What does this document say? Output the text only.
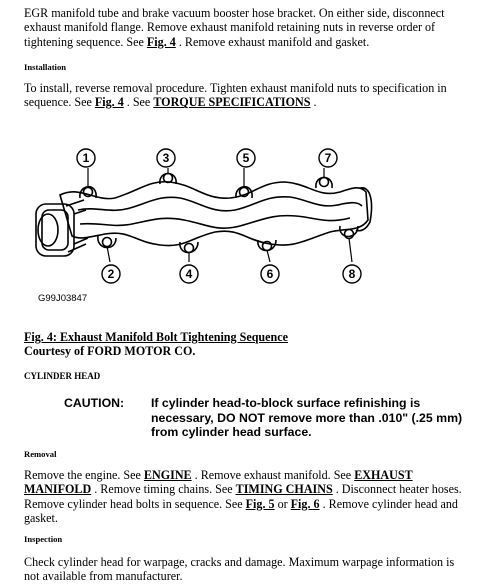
EGR manifold tube and brake vacuum booster hose bracket. On either side, disconnect exhaust manifold flange. Remove exhaust manifold retaining nuts in reverse order of tightening sequence. See Fig. 4 . Remove exhaust manifold and gasket.

Installation

To install, reverse removal procedure. Tighten exhaust manifold nuts to specification in sequence. See Fig. 4 . See TORQUE SPECIFICATIONS .

1
2
3
4
5
6
7
8
G99J03847
Fig. 4: Exhaust Manifold Bolt Tightening Sequence
Courtesy of FORD MOTOR CO.

CYLINDER HEAD

CAUTION: If cylinder head-to-block surface refinishing is necessary, DO NOT remove more than .010" (.25 mm) from cylinder head surface.

Removal

Remove the engine. See ENGINE . Remove exhaust manifold. See EXHAUST MANIFOLD . Remove timing chains. See TIMING CHAINS . Disconnect heater hoses. Remove cylinder head bolts in sequence. See Fig. 5 or Fig. 6 . Remove cylinder head and gasket.

Inspection

Check cylinder head for warpage, cracks and damage. Maximum warpage information is not available from manufacturer.
